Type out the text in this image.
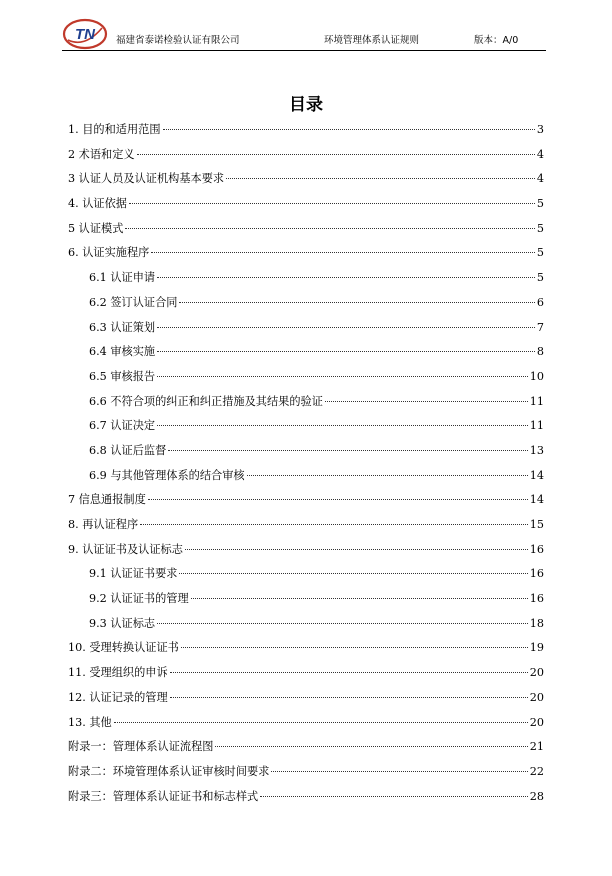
TN 福建省泰诺检验认证有限公司	环境管理体系认证规则	版本：A/0
目录
1. 目的和适用范围	3
2 术语和定义	4
3 认证人员及认证机构基本要求	4
4. 认证依据	5
5 认证模式	5
6. 认证实施程序	5
6.1 认证申请	5
6.2 签订认证合同	6
6.3 认证策划	7
6.4 审核实施	8
6.5 审核报告	10
6.6 不符合项的纠正和纠正措施及其结果的验证	11
6.7 认证决定	11
6.8 认证后监督	13
6.9 与其他管理体系的结合审核	14
7 信息通报制度	14
8. 再认证程序	15
9. 认证证书及认证标志	16
9.1 认证证书要求	16
9.2 认证证书的管理	16
9.3 认证标志	18
10. 受理转换认证证书	19
11. 受理组织的申诉	20
12. 认证记录的管理	20
13. 其他	20
附录一：管理体系认证流程图	21
附录二：环境管理体系认证审核时间要求	22
附录三：管理体系认证证书和标志样式	28
